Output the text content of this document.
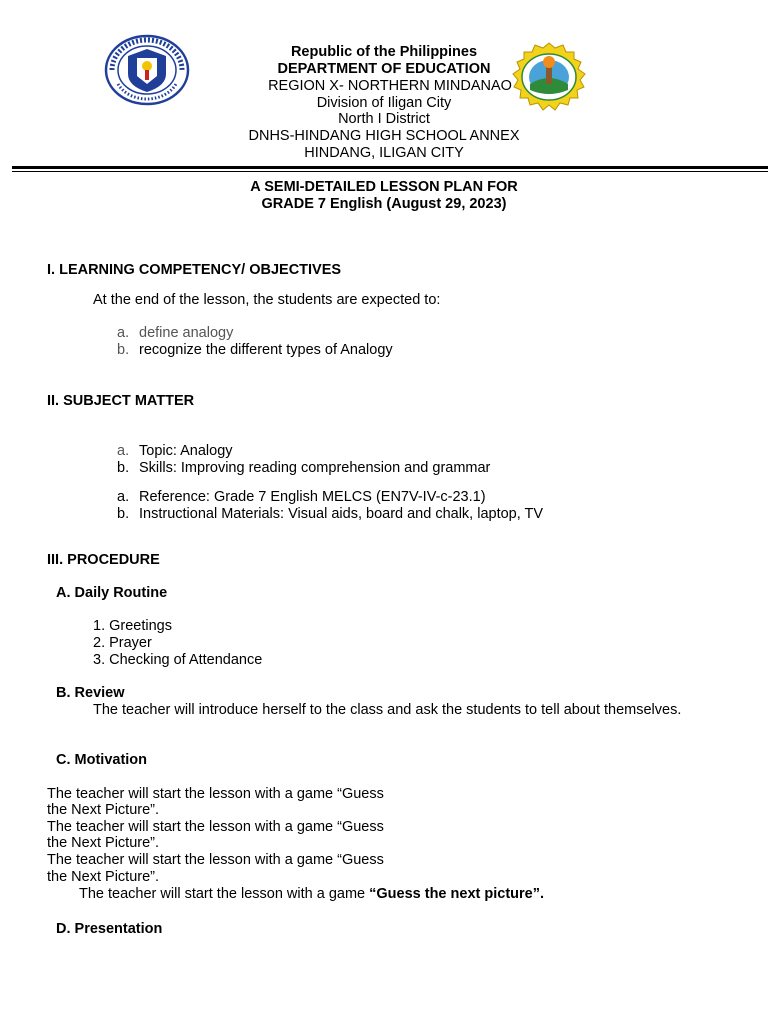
Republic of the Philippines
DEPARTMENT OF EDUCATION
REGION X- NORTHERN MINDANAO
Division of Iligan City
North I District
DNHS-HINDANG HIGH SCHOOL ANNEX
HINDANG, ILIGAN CITY
A SEMI-DETAILED LESSON PLAN FOR
GRADE 7 English (August 29, 2023)
I. LEARNING COMPETENCY/ OBJECTIVES
At the end of the lesson, the students are expected to:
a. define analogy
b. recognize the different types of Analogy
II. SUBJECT MATTER
a. Topic: Analogy
b. Skills: Improving reading comprehension and grammar
a. Reference: Grade 7 English MELCS (EN7V-IV-c-23.1)
b. Instructional Materials: Visual aids, board and chalk, laptop, TV
III. PROCEDURE
A. Daily Routine
1. Greetings
2. Prayer
3. Checking of Attendance
B. Review
The teacher will introduce herself to the class and ask the students to tell about themselves.
C. Motivation
The teacher will start the lesson with a game “Guess
the Next Picture”.
The teacher will start the lesson with a game “Guess
the Next Picture”.
The teacher will start the lesson with a game “Guess
the Next Picture”.
The teacher will start the lesson with a game “Guess the next picture”.
D. Presentation
